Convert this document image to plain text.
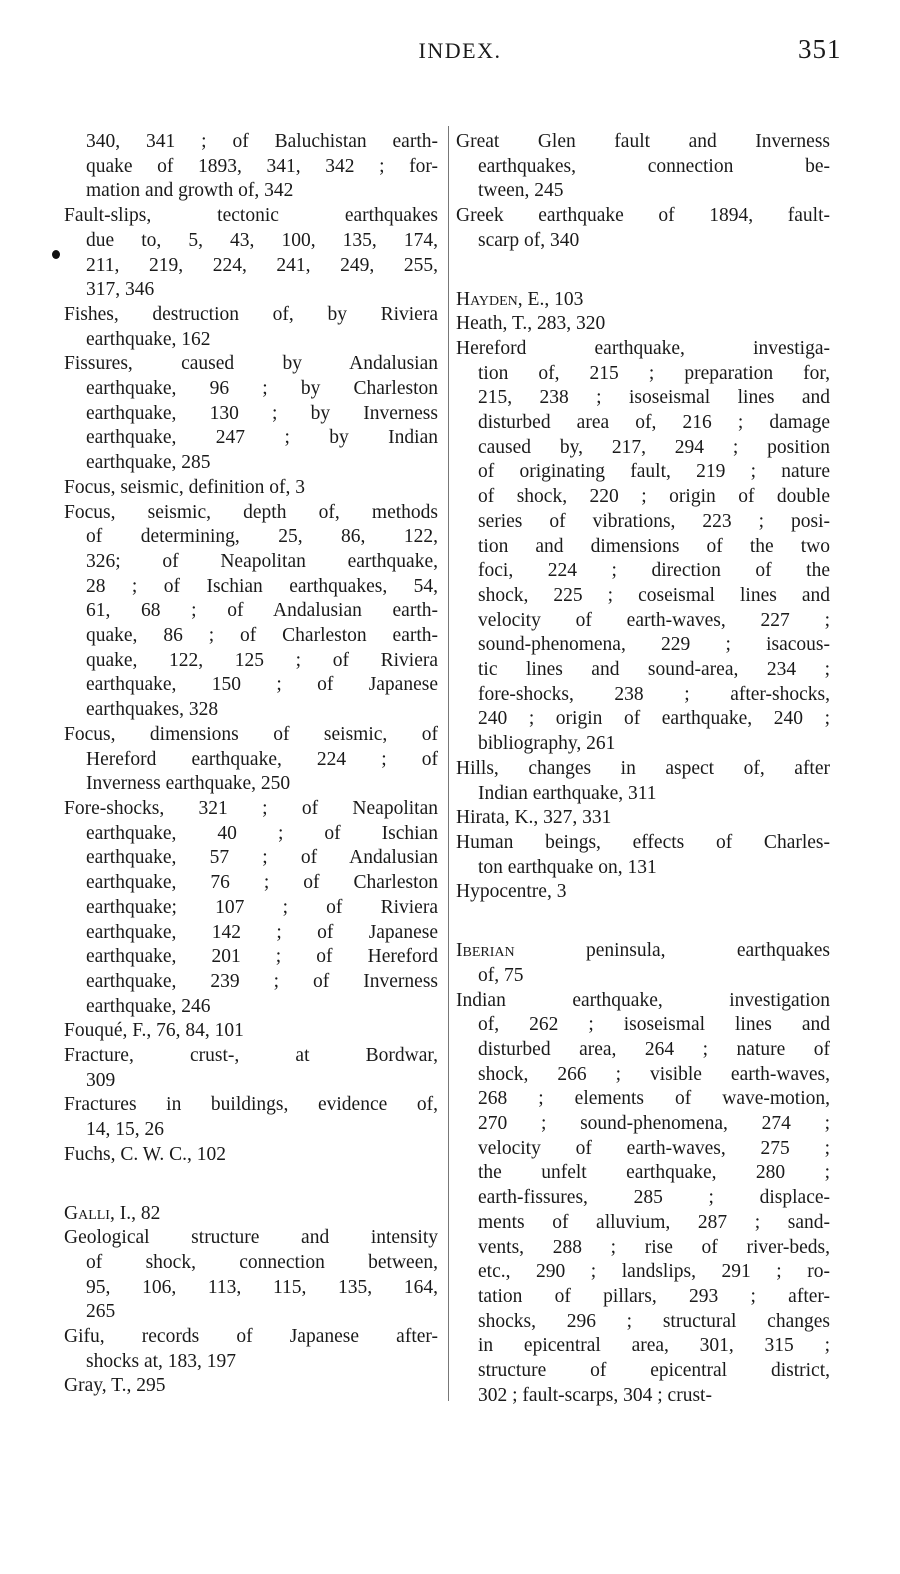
INDEX.	351
340, 341 ; of Baluchistan earth-
quake of 1893, 341, 342 ; for-
mation and growth of, 342
Fault-slips, tectonic earthquakes
due to, 5, 43, 100, 135, 174,
211, 219, 224, 241, 249, 255,
317, 346
Fishes, destruction of, by Riviera
earthquake, 162
Fissures, caused by Andalusian
earthquake, 96 ; by Charleston
earthquake, 130 ; by Inverness
earthquake, 247 ; by Indian
earthquake, 285
Focus, seismic, definition of, 3
Focus, seismic, depth of, methods
of determining, 25, 86, 122,
326; of Neapolitan earthquake,
28 ; of Ischian earthquakes, 54,
61, 68 ; of Andalusian earth-
quake, 86 ; of Charleston earth-
quake, 122, 125 ; of Riviera
earthquake, 150 ; of Japanese
earthquakes, 328
Focus, dimensions of seismic, of
Hereford earthquake, 224 ; of
Inverness earthquake, 250
Fore-shocks, 321 ; of Neapolitan
earthquake, 40 ; of Ischian
earthquake, 57 ; of Andalusian
earthquake, 76 ; of Charleston
earthquake; 107 ; of Riviera
earthquake, 142 ; of Japanese
earthquake, 201 ; of Hereford
earthquake, 239 ; of Inverness
earthquake, 246
Fouqué, F., 76, 84, 101
Fracture, crust-, at Bordwar,
309
Fractures in buildings, evidence of,
14, 15, 26
Fuchs, C. W. C., 102
Galli, I., 82
Geological structure and intensity
of shock, connection between,
95, 106, 113, 115, 135, 164,
265
Gifu, records of Japanese after-
shocks at, 183, 197
Gray, T., 295
Great Glen fault and Inverness
earthquakes, connection be-
tween, 245
Greek earthquake of 1894, fault-
scarp of, 340
Hayden, E., 103
Heath, T., 283, 320
Hereford earthquake, investiga-
tion of, 215 ; preparation for,
215, 238 ; isoseismal lines and
disturbed area of, 216 ; damage
caused by, 217, 294 ; position
of originating fault, 219 ; nature
of shock, 220 ; origin of double
series of vibrations, 223 ; posi-
tion and dimensions of the two
foci, 224 ; direction of the
shock, 225 ; coseismal lines and
velocity of earth-waves, 227 ;
sound-phenomena, 229 ; isacous-
tic lines and sound-area, 234 ;
fore-shocks, 238 ; after-shocks,
240 ; origin of earthquake, 240 ;
bibliography, 261
Hills, changes in aspect of, after
Indian earthquake, 311
Hirata, K., 327, 331
Human beings, effects of Charles-
ton earthquake on, 131
Hypocentre, 3
Iberian peninsula, earthquakes
of, 75
Indian earthquake, investigation
of, 262 ; isoseismal lines and
disturbed area, 264 ; nature of
shock, 266 ; visible earth-waves,
268 ; elements of wave-motion,
270 ; sound-phenomena, 274 ;
velocity of earth-waves, 275 ;
the unfelt earthquake, 280 ;
earth-fissures, 285 ; displace-
ments of alluvium, 287 ; sand-
vents, 288 ; rise of river-beds,
etc., 290 ; landslips, 291 ; ro-
tation of pillars, 293 ; after-
shocks, 296 ; structural changes
in epicentral area, 301, 315 ;
structure of epicentral district,
302 ; fault-scarps, 304 ; crust-
